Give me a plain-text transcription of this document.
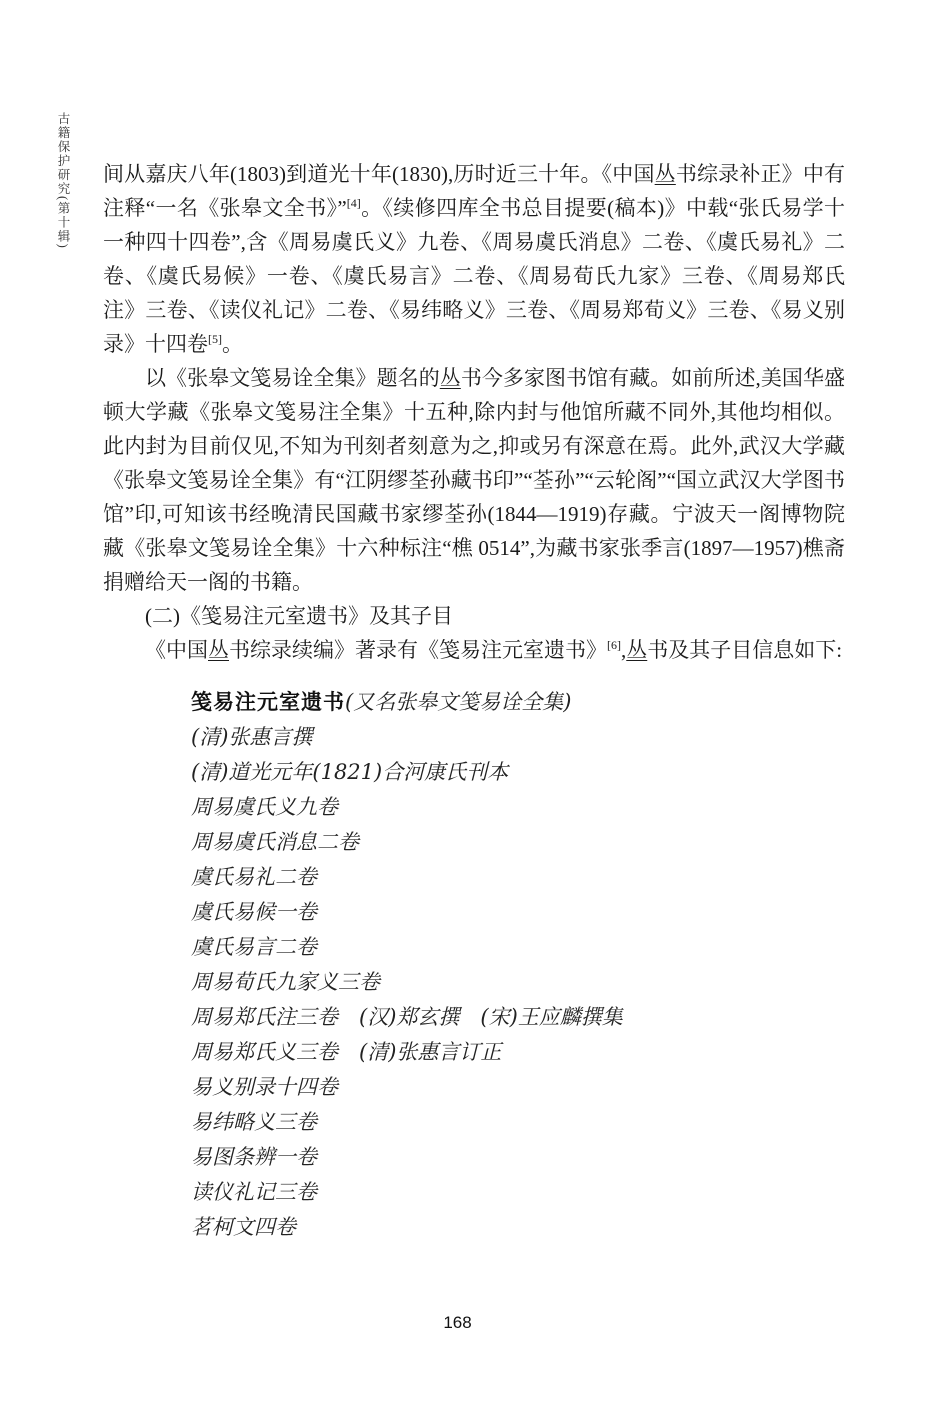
古籍保护研究(第十辑) 间从嘉庆八年(1803)到道光十年(1830),历时近三十年。《中国丛书综录补正》中有注释“一名《张皋文全书》”[4]。《续修四库全书总目提要(稿本)》中载“张氏易学十一种四十四卷”,含《周易虞氏义》九卷、《周易虞氏消息》二卷、《虞氏易礼》二卷、《虞氏易候》一卷、《虞氏易言》二卷、《周易荀氏九家》三卷、《周易郑氏注》三卷、《读仪礼记》二卷、《易纬略义》三卷、《周易郑荀义》三卷、《易义别录》十四卷[5]。

以《张皋文笺易诠全集》题名的丛书今多家图书馆有藏。如前所述,美国华盛顿大学藏《张皋文笺易注全集》十五种,除内封与他馆所藏不同外,其他均相似。此内封为目前仅见,不知为刊刻者刻意为之,抑或另有深意在焉。此外,武汉大学藏《张皋文笺易诠全集》有“江阴缪荃孙藏书印”“荃孙”“云轮阁”“国立武汉大学图书馆”印,可知该书经晚清民国藏书家缪荃孙(1844—1919)存藏。宁波天一阁博物院藏《张皋文笺易诠全集》十六种标注“樵 0514”,为藏书家张季言(1897—1957)樵斋捐赠给天一阁的书籍。

(二)《笺易注元室遗书》及其子目

《中国丛书综录续编》著录有《笺易注元室遗书》[6],丛书及其子目信息如下:

笺易注元室遗书(又名张皋文笺易诠全集)
(清)张惠言撰
(清)道光元年(1821)合河康氏刊本
周易虞氏义九卷
周易虞氏消息二卷
虞氏易礼二卷
虞氏易候一卷
虞氏易言二卷
周易荀氏九家义三卷
周易郑氏注三卷　(汉)郑玄撰　(宋)王应麟撰集
周易郑氏义三卷　(清)张惠言订正
易义别录十四卷
易纬略义三卷
易图条辨一卷
读仪礼记三卷
茗柯文四卷
168
